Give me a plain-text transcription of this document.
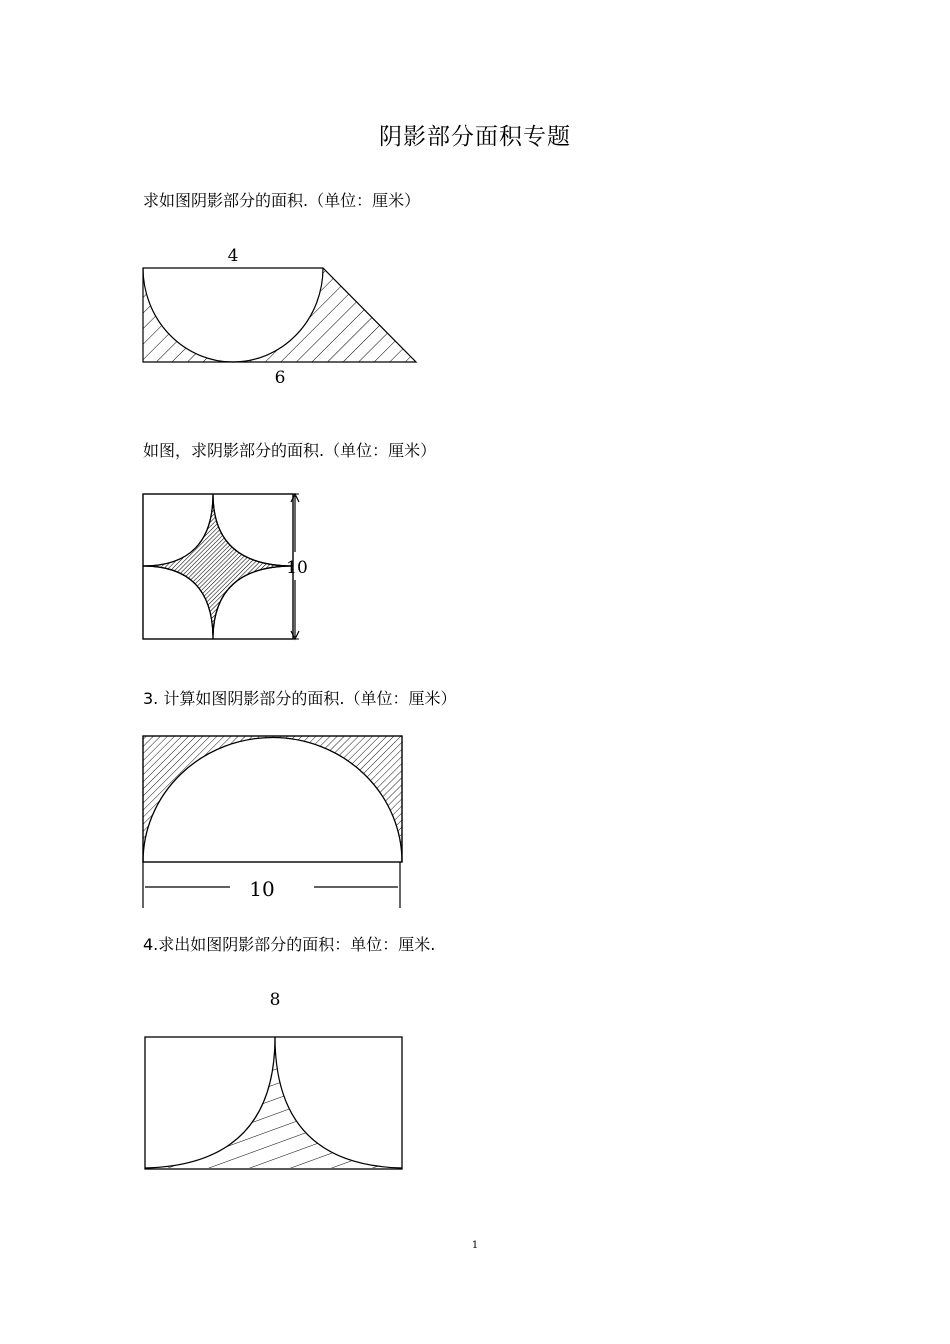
阴影部分面积专题
求如图阴影部分的面积.（单位：厘米）
4
6
如图，求阴影部分的面积.（单位：厘米）
10
3. 计算如图阴影部分的面积.（单位：厘米）
10
4.求出如图阴影部分的面积：单位：厘米.
8
1
